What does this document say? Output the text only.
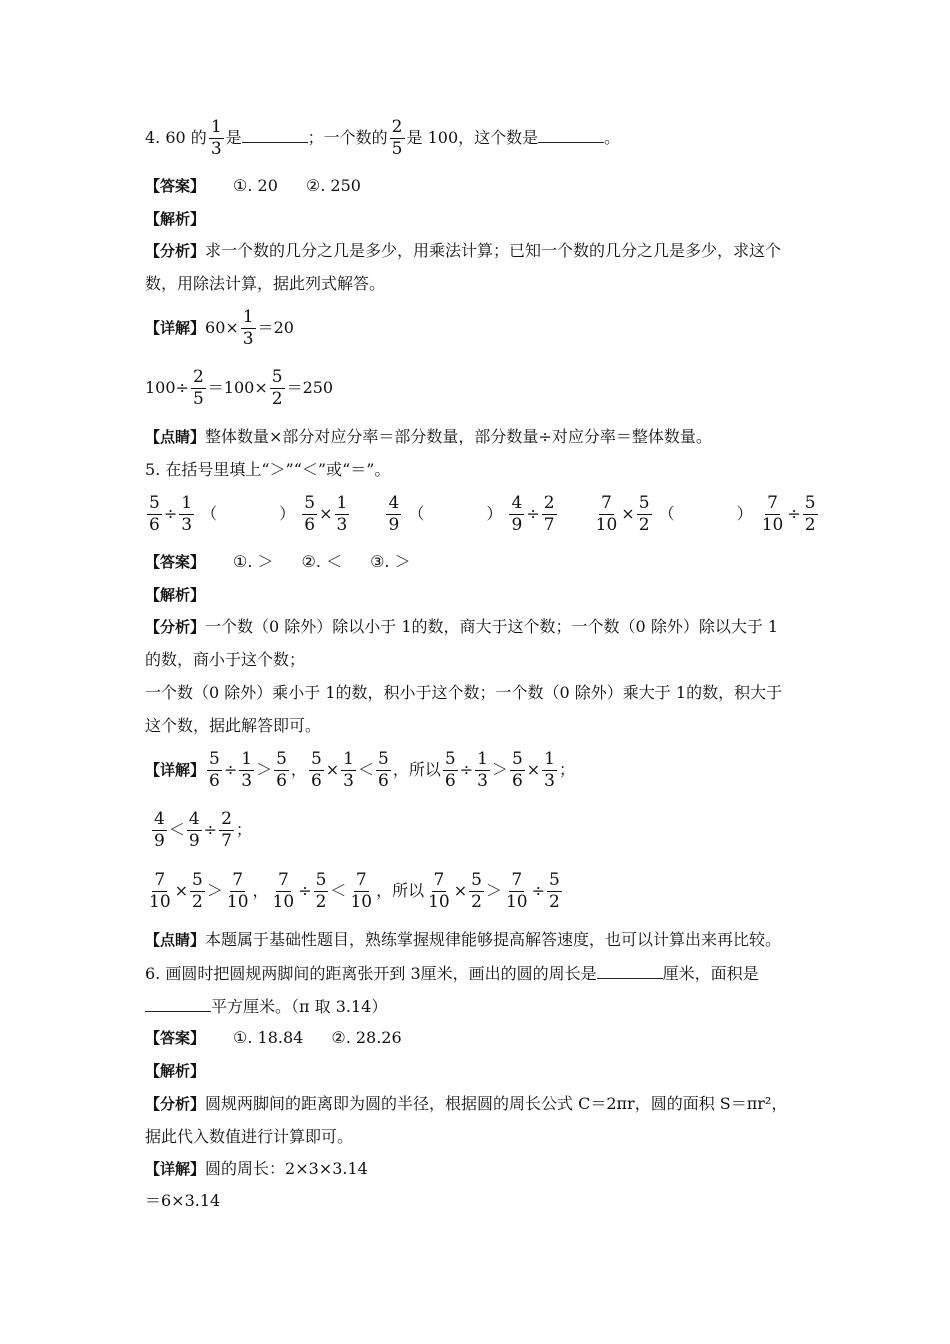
4. 60 的 $\frac{1}{3}$ 是	；一个数的 $\frac{2}{5}$ 是 100，这个数是	。
【答案】 ①. 20 ②. 250
【解析】
【分析】求一个数的几分之几是多少，用乘法计算；已知一个数的几分之几是多少，求这个
数，用除法计算，据此列式解答。
【详解】$60\times \frac{1}{3} =20$
$100\div \frac{2}{5} =100\times \frac{5}{2} =250$
【点睛】整体数量×部分对应分率＝部分数量，部分数量÷对应分率＝整体数量。
5. 在括号里填上“＞”“＜”或“＝”。
$\frac{5}{6} \div \frac{1}{3}$ （	） $\frac{5}{6} \times \frac{1}{3}$
$\frac{4}{9}$ （	） $\frac{4}{9} \div \frac{2}{7}$
$\frac{7}{10} \times \frac{5}{2}$ （	） $\frac{7}{10} \div \frac{5}{2}$
【答案】 ①. ＞ ②. ＜ ③. ＞
【解析】
【分析】一个数（0 除外）除以小于 1的数，商大于这个数；一个数（0 除外）除以大于 1
的数，商小于这个数；
一个数（0 除外）乘小于 1的数，积小于这个数；一个数（0 除外）乘大于 1的数，积大于
这个数，据此解答即可。
【详解】 $\frac{5}{6} \div \frac{1}{3} > \frac{5}{6}$ ， $\frac{5}{6} \times \frac{1}{3} < \frac{5}{6}$ ，所以 $\frac{5}{6} \div \frac{1}{3} > \frac{5}{6} \times \frac{1}{3}$ ；
$\frac{4}{9} < \frac{4}{9} \div \frac{2}{7}$ ；
$\frac{7}{10} \times \frac{5}{2} > \frac{7}{10}$ ， $\frac{7}{10} \div \frac{5}{2} < \frac{7}{10}$ ，所以 $\frac{7}{10} \times \frac{5}{2} > \frac{7}{10} \div \frac{5}{2}$
【点睛】本题属于基础性题目，熟练掌握规律能够提高解答速度，也可以计算出来再比较。
6. 画圆时把圆规两脚间的距离张开到 3厘米，画出的圆的周长是	厘米，面积是
平方厘米。（π 取 3.14）
【答案】 ①. 18.84 ②. 28.26
【解析】
【分析】圆规两脚间的距离即为圆的半径，根据圆的周长公式 C＝2πr，圆的面积 S＝πr²，
据此代入数值进行计算即可。
【详解】圆的周长：2×3×3.14
＝6×3.14
